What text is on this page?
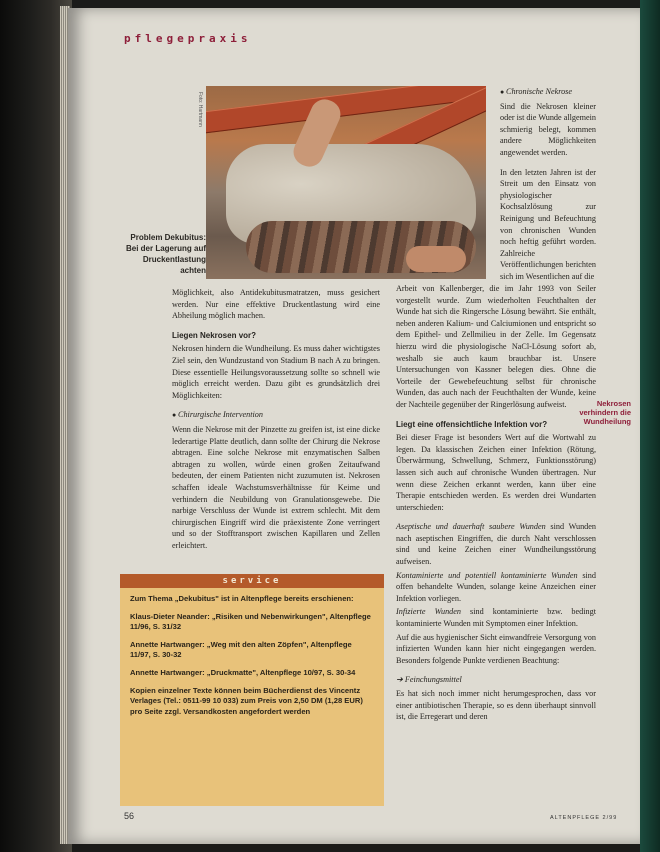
pflegepraxis
Foto: Hartmann
Problem Dekubitus: Bei der Lagerung auf Druckentlastung achten
● Chronische Nekrose

Sind die Nekrosen kleiner oder ist die Wunde allgemein schmierig belegt, kommen andere Möglichkeiten angewendet werden.

In den letzten Jahren ist der Streit um den Einsatz von physiologischer Kochsalzlösung zur Reinigung und Befeuchtung von chronischen Wunden noch heftig geführt worden. Zahlreiche Veröffentlichungen berichten sich im Wesentlichen auf die

Möglichkeit, also Antidekubitusmatratzen, muss gesichert werden. Nur eine effektive Druckentlastung wird eine Abheilung möglich machen.

Liegen Nekrosen vor?

Nekrosen hindern die Wundheilung. Es muss daher wichtigstes Ziel sein, den Wundzustand von Stadium B nach A zu bringen. Diese essentielle Heilungsvoraussetzung sollte so schnell wie möglich erreicht werden. Dazu gibt es grundsätzlich drei Möglichkeiten:

● Chirurgische Intervention

Wenn die Nekrose mit der Pinzette zu greifen ist, ist eine dicke lederartige Platte deutlich, dann sollte der Chirurg die Nekrose abtragen. Eine solche Nekrose mit enzymatischen Salben abtragen zu wollen, würde einen großen Zeitaufwand bedeuten, der einem Patienten nicht zuzumuten ist. Nekrosen schaffen ideale Wachstumsverhältnisse für Keime und verhindern die Neubildung von Granulationsgewebe. Die narbige Verschluss der Wunde ist extrem schlecht. Mit dem chirurgischen Eingriff wird die präexistente Zone verringert und so der Stofftransport zwischen Kapillaren und Zellen erleichtert.

Nekrosen verhindern die Wundheilung

Arbeit von Kallenberger, die im Jahr 1993 von Seiler vorgestellt wurde. Zum wiederholten Feuchthalten der Wunde hat sich die Ringersche Lösung bewährt. Sie enthält, neben anderen Kalium- und Calciumionen und entspricht so dem Epithel- und Zellmilieu in der Zelle. Im Gegensatz hierzu wird die physiologische NaCl-Lösung sofort ab, weshalb sie auch kaum brauchbar ist. Unsere Untersuchungen von Kassner belegen dies. Ohne die Vorteile der Gewebefeuchtung selbst für chronische Wunden, das auch nach der Feuchthalten der Wunde, keine der Nachteile gegenüber der Ringerlösung aufweist.

Liegt eine offensichtliche Infektion vor?

Bei dieser Frage ist besonders Wert auf die Wortwahl zu legen. Da klassischen Zeichen einer Infektion (Rötung, Überwärmung, Schwellung, Schmerz, Funktionsstörung) lassen sich auch auf chronische Wunden übertragen. Nur wenn diese Zeichen erkannt werden, kann über eine Therapie entschieden werden. Es werden drei Wundarten unterschieden:

Aseptische und dauerhaft saubere Wunden sind Wunden nach aseptischen Eingriffen, die durch Naht verschlossen sind und keine Zeichen einer Wundheilungsstörung aufweisen.
Kontaminierte und potentiell kontaminierte Wunden sind offen behandelte Wunden, solange keine Anzeichen einer Infektion vorliegen.
Infizierte Wunden sind kontaminierte bzw. bedingt kontaminierte Wunden mit Symptomen einer Infektion.

Auf die aus hygienischer Sicht einwandfreie Versorgung von infizierten Wunden kann hier nicht eingegangen werden. Besonders folgende Punkte verdienen Beachtung:

➔ Feinchungsmittel

Es hat sich noch immer nicht herumgesprochen, dass vor einer antibiotischen Therapie, so es denn überhaupt sinnvoll ist, die Erregerart und deren

service
Zum Thema „Dekubitus" ist in Altenpflege bereits erschienen:
Klaus-Dieter Neander: „Risiken und Nebenwirkungen", Altenpflege 11/96, S. 31/32
Annette Hartwanger: „Weg mit den alten Zöpfen", Altenpflege 11/97, S. 30-32
Annette Hartwanger: „Druckmatte", Altenpflege 10/97, S. 30-34
Kopien einzelner Texte können beim Bücherdienst des Vincentz Verlages (Tel.: 0511-99 10 033) zum Preis von 2,50 DM (1,28 EUR) pro Seite zzgl. Versandkosten angefordert werden
56	ALTENPFLEGE 2/99
